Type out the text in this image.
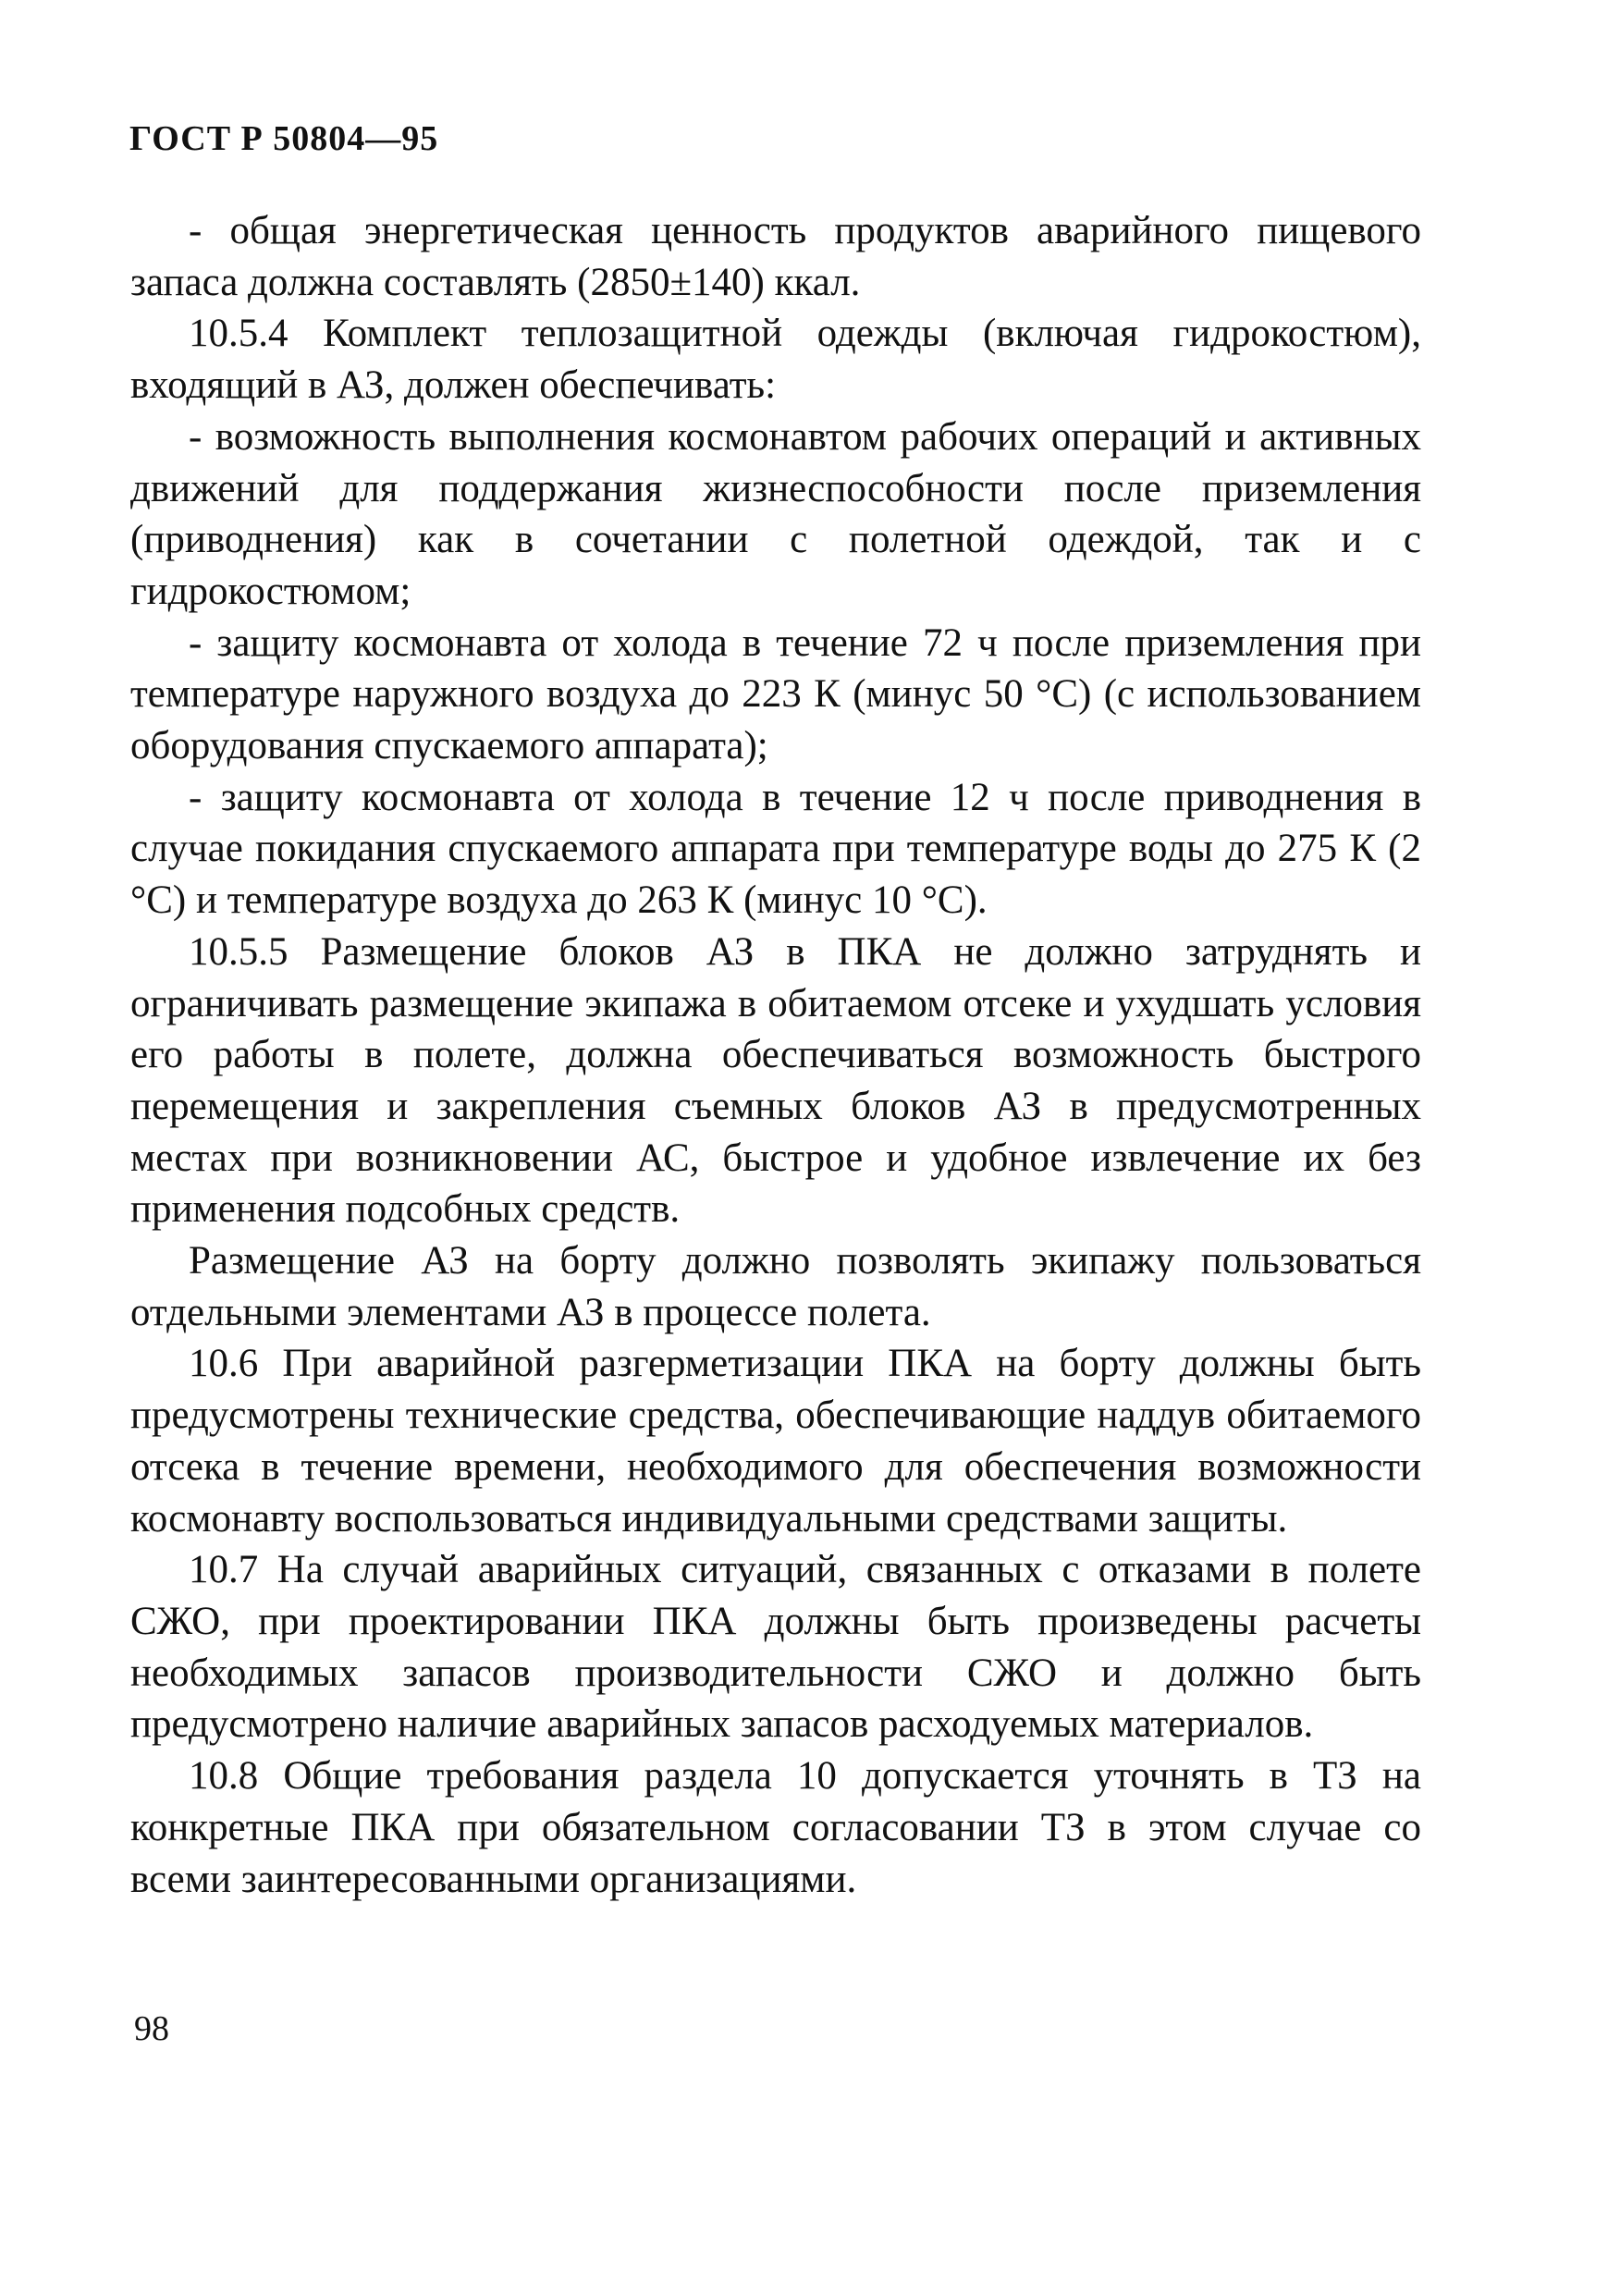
ГОСТ Р 50804—95

- общая энергетическая ценность продуктов аварийного пищевого запаса должна составлять (2850±140) ккал.

10.5.4 Комплект теплозащитной одежды (включая гидрокостюм), входящий в АЗ, должен обеспечивать:

- возможность выполнения космонавтом рабочих операций и активных движений для поддержания жизнеспособности после приземления (приводнения) как в сочетании с полетной одеждой, так и с гидрокостюмом;

- защиту космонавта от холода в течение 72 ч после приземления при температуре наружного воздуха до 223 К (минус 50 °С) (с использованием оборудования спускаемого аппарата);

- защиту космонавта от холода в течение 12 ч после приводнения в случае покидания спускаемого аппарата при температуре воды до 275 К (2 °С) и температуре воздуха до 263 К (минус 10 °С).

10.5.5 Размещение блоков АЗ в ПКА не должно затруднять и ограничивать размещение экипажа в обитаемом отсеке и ухудшать условия его работы в полете, должна обеспечиваться возможность быстрого перемещения и закрепления съемных блоков АЗ в предусмотренных местах при возникновении АС, быстрое и удобное извлечение их без применения подсобных средств.

Размещение АЗ на борту должно позволять экипажу пользоваться отдельными элементами АЗ в процессе полета.

10.6 При аварийной разгерметизации ПКА на борту должны быть предусмотрены технические средства, обеспечивающие наддув обитаемого отсека в течение времени, необходимого для обеспечения возможности космонавту воспользоваться индивидуальными средствами защиты.

10.7 На случай аварийных ситуаций, связанных с отказами в полете СЖО, при проектировании ПКА должны быть произведены расчеты необходимых запасов производительности СЖО и должно быть предусмотрено наличие аварийных запасов расходуемых материалов.

10.8 Общие требования раздела 10 допускается уточнять в ТЗ на конкретные ПКА при обязательном согласовании ТЗ в этом случае со всеми заинтересованными организациями.

98
